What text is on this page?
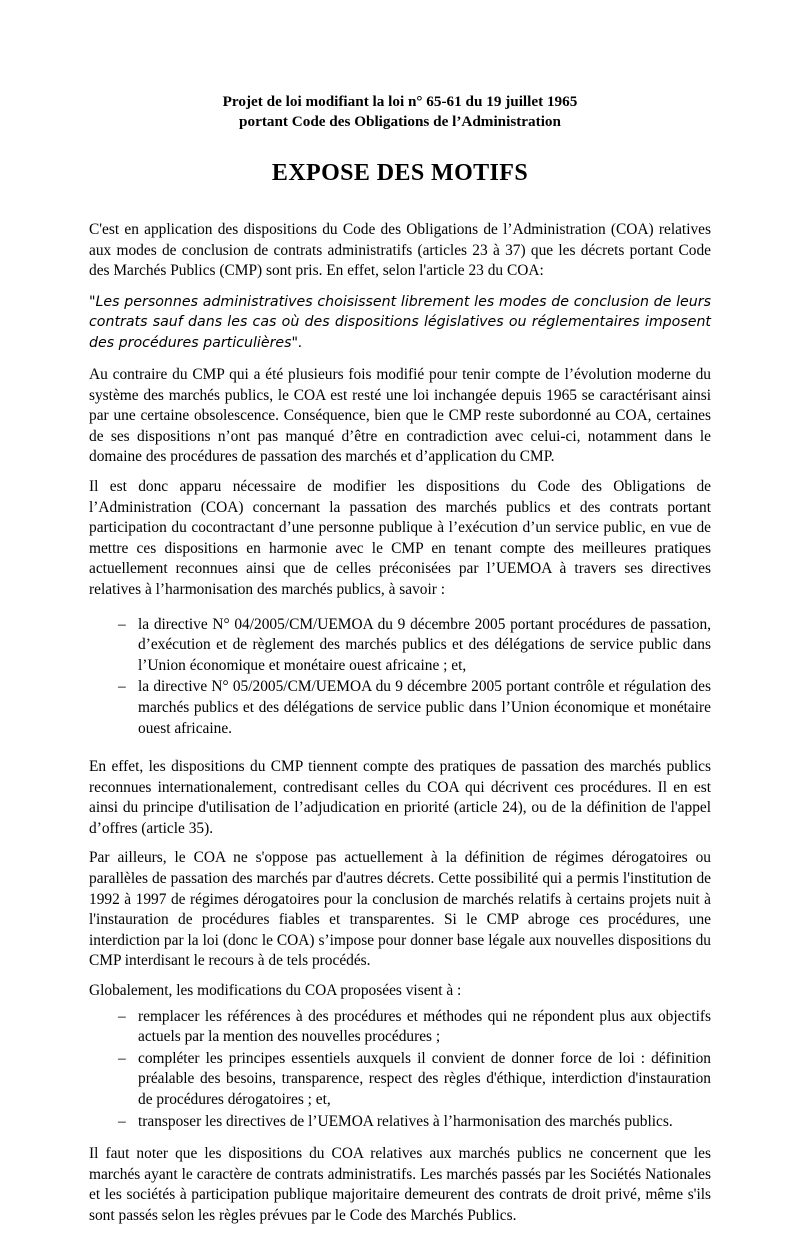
Projet de loi modifiant la loi n° 65-61 du 19 juillet 1965
portant Code des Obligations de l’Administration
EXPOSE DES MOTIFS

C'est en application des dispositions du Code des Obligations de l’Administration (COA) relatives aux modes de conclusion de contrats administratifs (articles 23 à 37) que les décrets portant Code des Marchés Publics (CMP) sont pris. En effet, selon l'article 23 du COA:

"Les personnes administratives choisissent librement les modes de conclusion de leurs contrats sauf dans les cas où des dispositions législatives ou réglementaires imposent des procédures particulières".

Au contraire du CMP qui a été plusieurs fois modifié pour tenir compte de l’évolution moderne du système des marchés publics, le COA est resté une loi inchangée depuis 1965 se caractérisant ainsi par une certaine obsolescence. Conséquence, bien que le CMP reste subordonné au COA, certaines de ses dispositions n’ont pas manqué d’être en contradiction avec celui-ci, notamment dans le domaine des procédures de passation des marchés et d’application du CMP.

Il est donc apparu nécessaire de modifier les dispositions du Code des Obligations de l’Administration (COA) concernant la passation des marchés publics et des contrats portant participation du cocontractant d’une personne publique à l’exécution d’un service public, en vue de mettre ces dispositions en harmonie avec le CMP en tenant compte des meilleures pratiques actuellement reconnues ainsi que de celles préconisées par l’UEMOA à travers ses directives relatives à l’harmonisation des marchés publics, à savoir :

– la directive N° 04/2005/CM/UEMOA du 9 décembre 2005 portant procédures de passation, d’exécution et de règlement des marchés publics et des délégations de service public dans l’Union économique et monétaire ouest africaine ; et,
– la directive N° 05/2005/CM/UEMOA du 9 décembre 2005 portant contrôle et régulation des marchés publics et des délégations de service public dans l’Union économique et monétaire ouest africaine.

En effet, les dispositions du CMP tiennent compte des pratiques de passation des marchés publics reconnues internationalement, contredisant celles du COA qui décrivent ces procédures. Il en est ainsi du principe d'utilisation de l’adjudication en priorité (article 24), ou de la définition de l'appel d’offres (article 35).

Par ailleurs, le COA ne s'oppose pas actuellement à la définition de régimes dérogatoires ou parallèles de passation des marchés par d'autres décrets. Cette possibilité qui a permis l'institution de 1992 à 1997 de régimes dérogatoires pour la conclusion de marchés relatifs à certains projets nuit à l'instauration de procédures fiables et transparentes. Si le CMP abroge ces procédures, une interdiction par la loi (donc le COA) s’impose pour donner base légale aux nouvelles dispositions du CMP interdisant le recours à de tels procédés.

Globalement, les modifications du COA proposées visent à :

– remplacer les références à des procédures et méthodes qui ne répondent plus aux objectifs actuels par la mention des nouvelles procédures ;
– compléter les principes essentiels auxquels il convient de donner force de loi : définition préalable des besoins, transparence, respect des règles d'éthique, interdiction d'instauration de procédures dérogatoires ; et,
– transposer les directives de l’UEMOA relatives à l’harmonisation des marchés publics.

Il faut noter que les dispositions du COA relatives aux marchés publics ne concernent que les marchés ayant le caractère de contrats administratifs. Les marchés passés par les Sociétés Nationales et les sociétés à participation publique majoritaire demeurent des contrats de droit privé, même s'ils sont passés selon les règles prévues par le Code des Marchés Publics.
